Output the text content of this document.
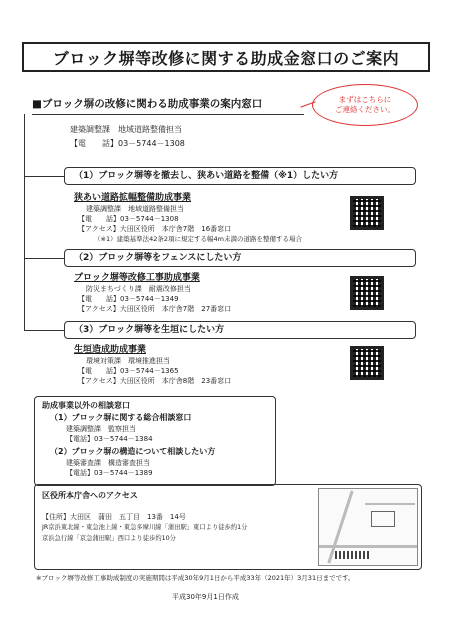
ブロック塀等改修に関する助成金窓口のご案内
■ブロック塀の改修に関わる助成事業の案内窓口	まずはこちらに
ご連絡ください。
建築調整課　地域道路整備担当
【電　　話】03－5744－1308
（1）ブロック塀等を撤去し、狭あい道路を整備（※1）したい方
狭あい道路拡幅整備助成事業
建築調整課　地域道路整備担当
【電　　話】03－5744－1308
【アクセス】大田区役所　本庁舎7階　16番窓口
（※1）建築基準法42条2項に規定する幅4m未満の道路を整備する場合
（2）ブロック塀等をフェンスにしたい方
ブロック塀等改修工事助成事業
防災まちづくり課　耐震改修担当
【電　　話】03－5744－1349
【アクセス】大田区役所　本庁舎7階　27番窓口
（3）ブロック塀等を生垣にしたい方
生垣造成助成事業
環境対策課　環境推進担当
【電　　話】03－5744－1365
【アクセス】大田区役所　本庁舎8階　23番窓口
助成事業以外の相談窓口
（1）ブロック塀に関する総合相談窓口
建築調整課　監察担当
【電話】03－5744－1384
（2）ブロック塀の構造について相談したい方
建築審査課　構造審査担当
【電話】03－5744－1389
区役所本庁舎へのアクセス
【住所】大田区　蒲田　五丁目　13番　14号
JR京浜東北線・東急池上線・東急多摩川線「蒲田駅」東口より徒歩約1分
京浜急行線「京急蒲田駅」西口より徒歩約10分
※ブロック塀等改修工事助成制度の実施期間は平成30年9月1日から平成33年（2021年）3月31日までです。
平成30年9月1日作成
